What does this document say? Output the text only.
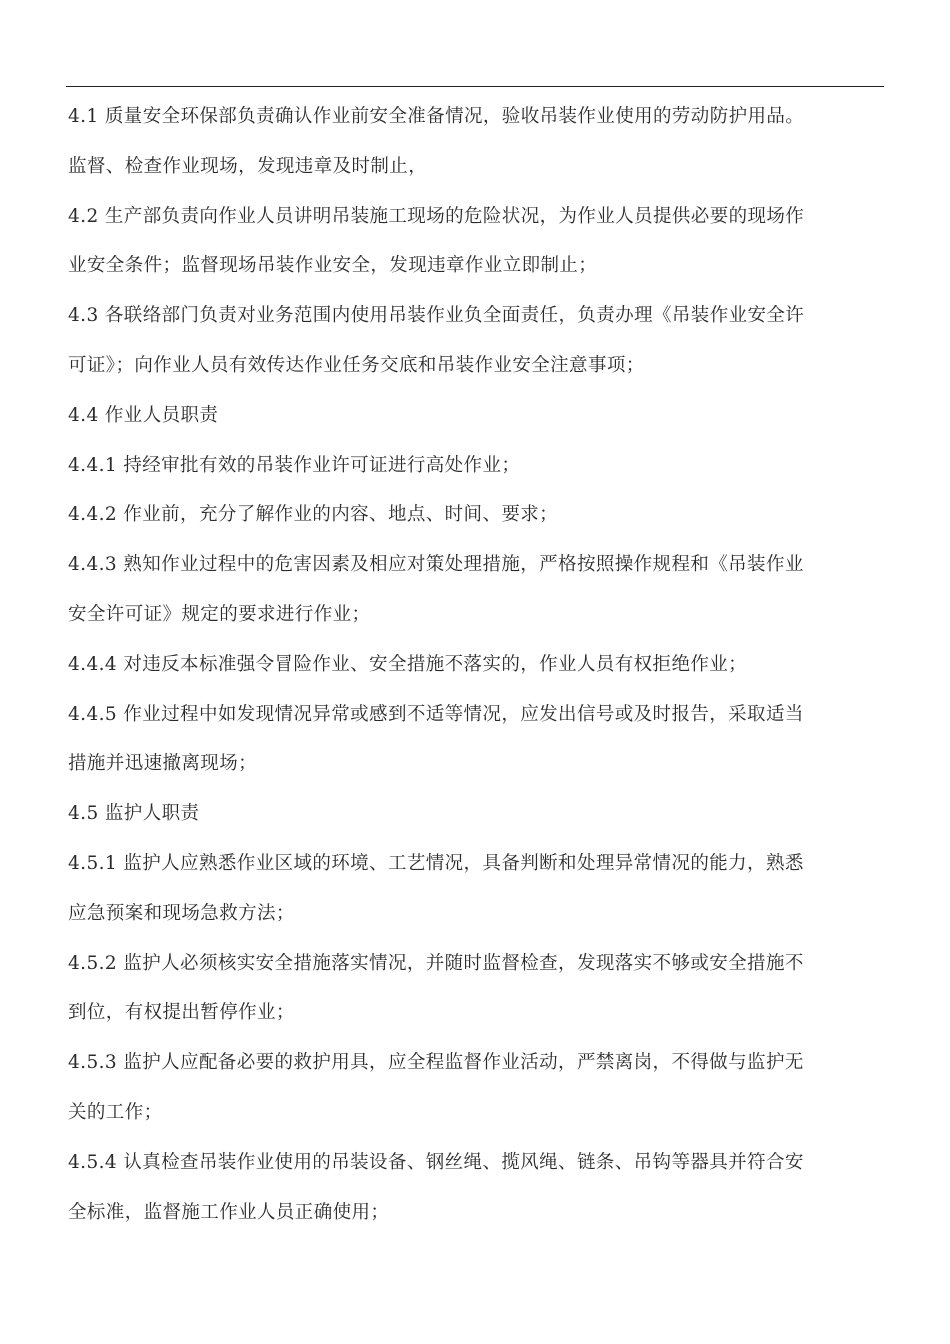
4.1 质量安全环保部负责确认作业前安全准备情况，验收吊装作业使用的劳动防护用品。
监督、检查作业现场，发现违章及时制止，
4.2 生产部负责向作业人员讲明吊装施工现场的危险状况，为作业人员提供必要的现场作
业安全条件；监督现场吊装作业安全，发现违章作业立即制止；
4.3 各联络部门负责对业务范围内使用吊装作业负全面责任，负责办理《吊装作业安全许
可证》；向作业人员有效传达作业任务交底和吊装作业安全注意事项；
4.4 作业人员职责
4.4.1 持经审批有效的吊装作业许可证进行高处作业；
4.4.2 作业前，充分了解作业的内容、地点、时间、要求；
4.4.3 熟知作业过程中的危害因素及相应对策处理措施，严格按照操作规程和《吊装作业
安全许可证》规定的要求进行作业；
4.4.4 对违反本标准强令冒险作业、安全措施不落实的，作业人员有权拒绝作业；
4.4.5 作业过程中如发现情况异常或感到不适等情况，应发出信号或及时报告，采取适当
措施并迅速撤离现场；
4.5 监护人职责
4.5.1 监护人应熟悉作业区域的环境、工艺情况，具备判断和处理异常情况的能力，熟悉
应急预案和现场急救方法；
4.5.2 监护人必须核实安全措施落实情况，并随时监督检查，发现落实不够或安全措施不
到位，有权提出暂停作业；
4.5.3 监护人应配备必要的救护用具，应全程监督作业活动，严禁离岗，不得做与监护无
关的工作；
4.5.4 认真检查吊装作业使用的吊装设备、钢丝绳、揽风绳、链条、吊钩等器具并符合安
全标准，监督施工作业人员正确使用；
